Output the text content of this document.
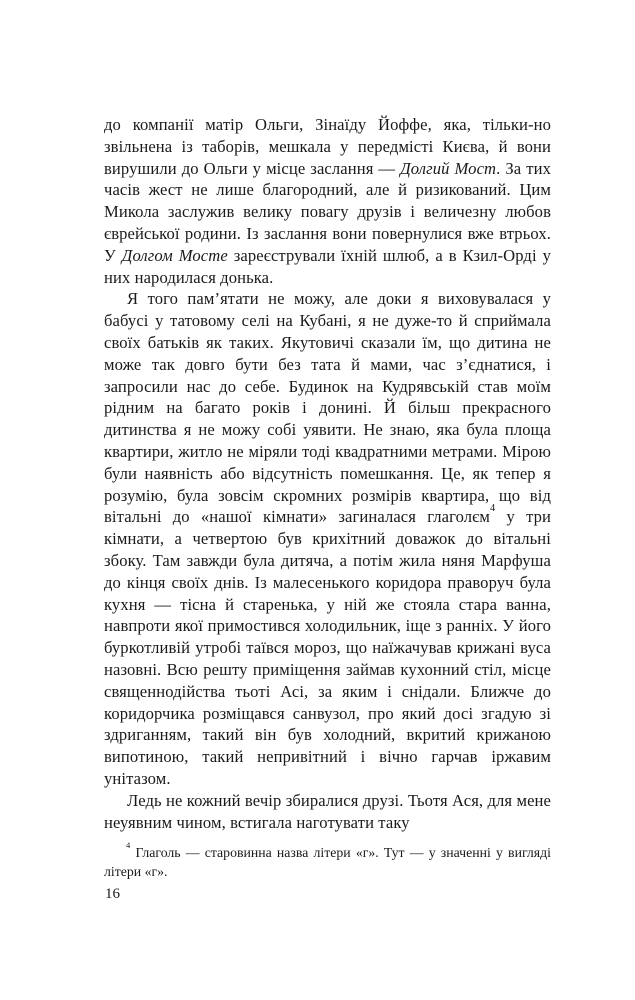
до компанії матір Ольги, Зінаїду Йоффе, яка, тільки-но звільнена із таборів, мешкала у передмісті Києва, й вони вирушили до Ольги у місце заслання — Долгий Мост. За тих часів жест не лише благородний, але й ризикований. Цим Микола заслужив велику повагу друзів і величезну любов єврейської родини. Із заслання вони повернулися вже втрьох. У Долгом Мосте зареєстрували їхній шлюб, а в Кзил-Орді у них народилася донька.

Я того пам’ятати не можу, але доки я виховувалася у бабусі у татовому селі на Кубані, я не дуже-то й сприймала своїх батьків як таких. Якутовичі сказали їм, що дитина не може так довго бути без тата й мами, час з’єднатися, і запросили нас до себе. Будинок на Кудрявській став моїм рідним на багато років і донині. Й більш прекрасного дитинства я не можу собі уявити. Не знаю, яка була площа квартири, житло не міряли тоді квадратними метрами. Мірою були наявність або відсутність помешкання. Це, як тепер я розумію, була зовсім скромних розмірів квартира, що від вітальні до «нашої кімнати» загиналася глаголєм$^4$ у три кімнати, а четвертою був крихітний доважок до вітальні збоку. Там завжди була дитяча, а потім жила няня Марфуша до кінця своїх днів. Із малесенького коридора праворуч була кухня — тісна й старенька, у ній же стояла стара ванна, навпроти якої примостився холодильник, іще з ранніх. У його буркотливій утробі таївся мороз, що наїжачував крижані вуса назовні. Всю решту приміщення займав кухонний стіл, місце священнодійства тьоті Асі, за яким і снідали. Ближче до коридорчика розміщався санвузол, про який досі згадую зі здриганням, такий він був холодний, вкритий крижаною випотиною, такий непривітний і вічно гарчав іржавим унітазом.

Ледь не кожний вечір збиралися друзі. Тьотя Ася, для мене неуявним чином, встигала наготувати таку

$^4$ Глаголь — старовинна назва літери «г». Тут — у значенні у вигляді літери «г».
16
